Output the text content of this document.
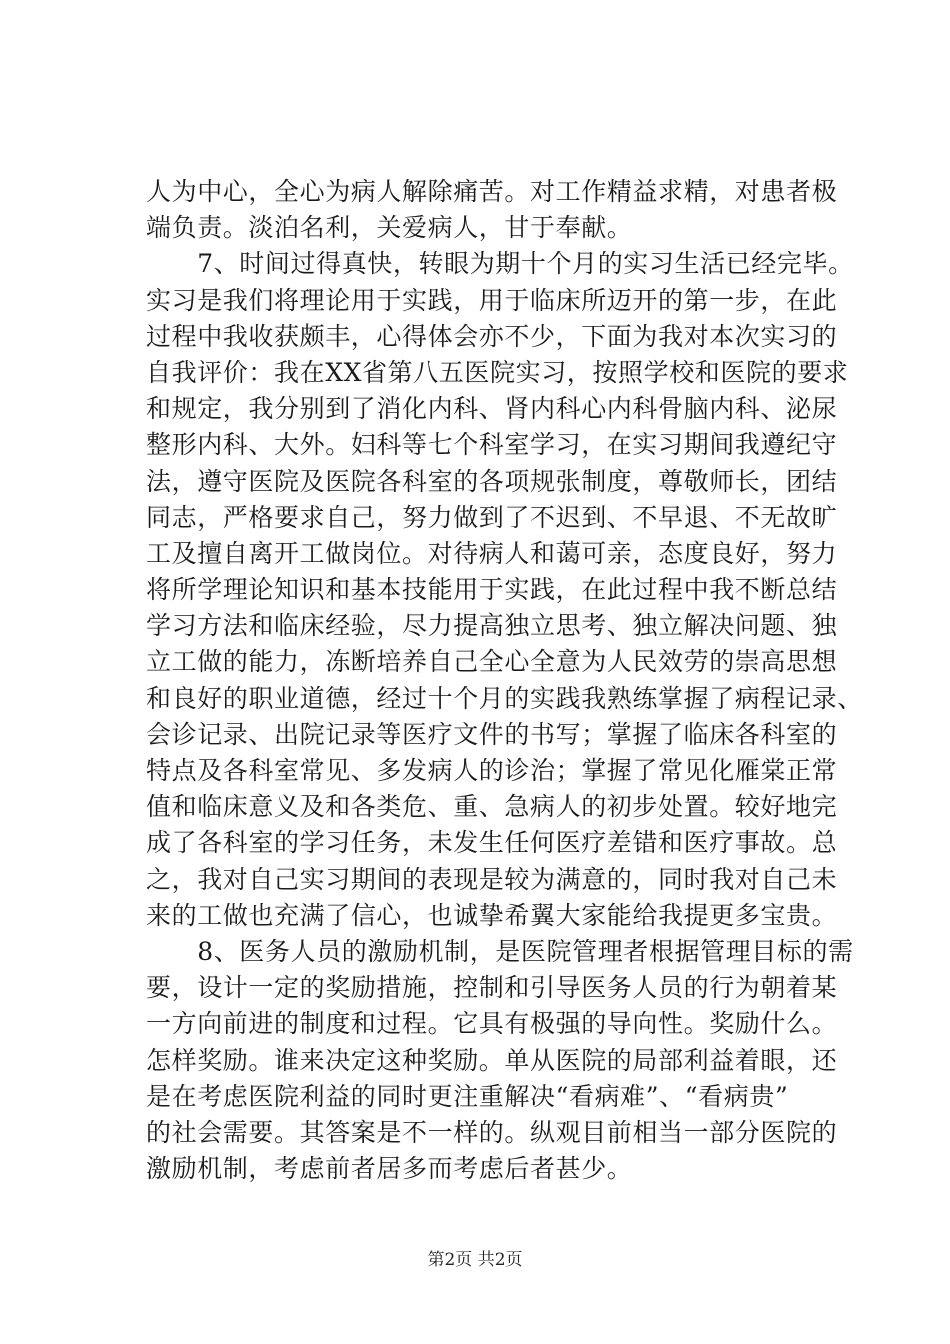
人为中心，全心为病人解除痛苦。对工作精益求精，对患者极
端负责。淡泊名利，关爱病人，甘于奉献。
　　7、时间过得真快，转眼为期十个月的实习生活已经完毕。
实习是我们将理论用于实践，用于临床所迈开的第一步，在此
过程中我收获颇丰，心得体会亦不少，下面为我对本次实习的
自我评价：我在XX省第八五医院实习，按照学校和医院的要求
和规定，我分别到了消化内科、肾内科心内科骨脑内科、泌尿
整形内科、大外。妇科等七个科室学习，在实习期间我遵纪守
法，遵守医院及医院各科室的各项规张制度，尊敬师长，团结
同志，严格要求自己，努力做到了不迟到、不早退、不无故旷
工及擅自离开工做岗位。对待病人和蔼可亲，态度良好，努力
将所学理论知识和基本技能用于实践，在此过程中我不断总结
学习方法和临床经验，尽力提高独立思考、独立解决问题、独
立工做的能力，冻断培养自己全心全意为人民效劳的崇高思想
和良好的职业道德，经过十个月的实践我熟练掌握了病程记录、
会诊记录、出院记录等医疗文件的书写；掌握了临床各科室的
特点及各科室常见、多发病人的诊治；掌握了常见化雁棠正常
值和临床意义及和各类危、重、急病人的初步处置。较好地完
成了各科室的学习任务，未发生任何医疗差错和医疗事故。总
之，我对自己实习期间的表现是较为满意的，同时我对自己未
来的工做也充满了信心，也诚挚希翼大家能给我提更多宝贵。
　　8、医务人员的激励机制，是医院管理者根据管理目标的需
要，设计一定的奖励措施，控制和引导医务人员的行为朝着某
一方向前进的制度和过程。它具有极强的导向性。奖励什么。
怎样奖励。谁来决定这种奖励。单从医院的局部利益着眼，还
是在考虑医院利益的同时更注重解决“看病难”、“看病贵”
的社会需要。其答案是不一样的。纵观目前相当一部分医院的
激励机制，考虑前者居多而考虑后者甚少。
第2页 共2页
